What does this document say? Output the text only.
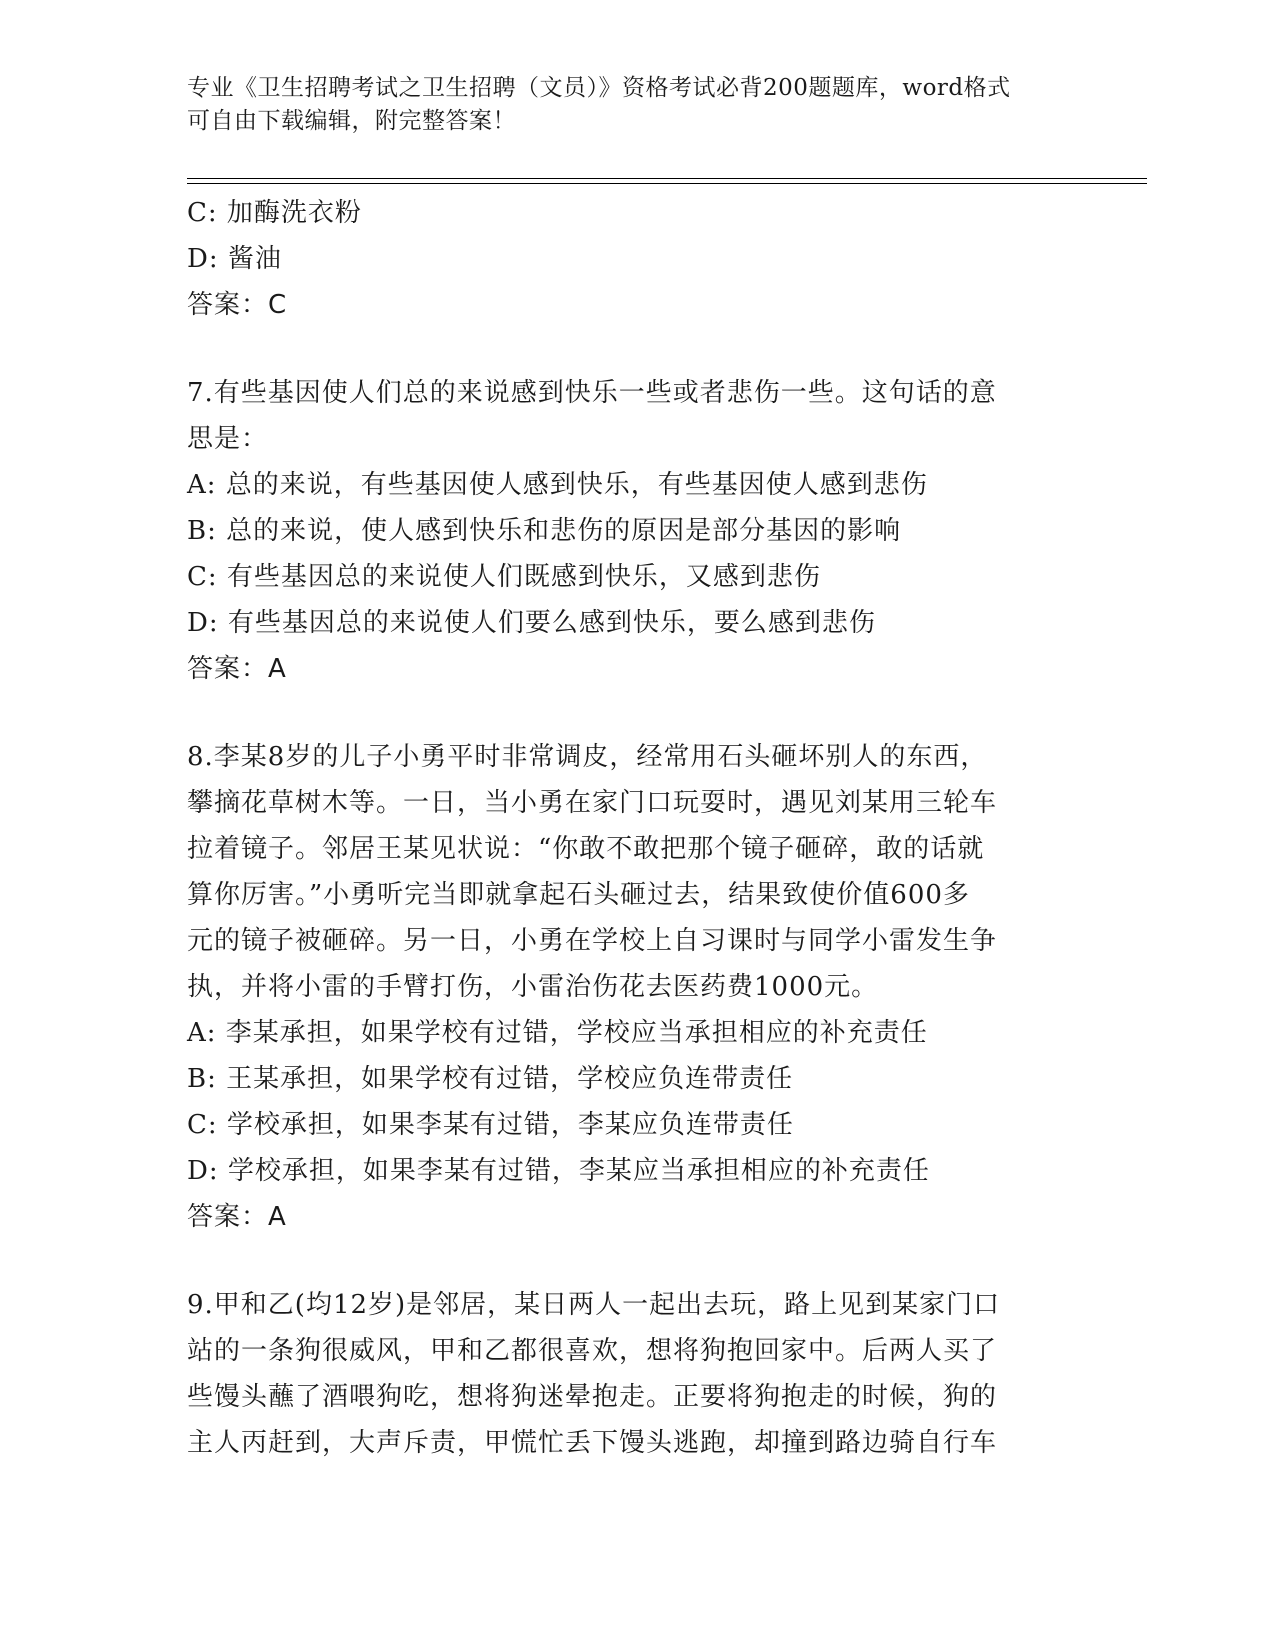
专业《卫生招聘考试之卫生招聘（文员）》资格考试必背200题题库，word格式

可自由下载编辑，附完整答案！

C: 加酶洗衣粉
D: 酱油
答案：C
7.有些基因使人们总的来说感到快乐一些或者悲伤一些。这句话的意
思是：
A: 总的来说，有些基因使人感到快乐，有些基因使人感到悲伤
B: 总的来说，使人感到快乐和悲伤的原因是部分基因的影响
C: 有些基因总的来说使人们既感到快乐，又感到悲伤
D: 有些基因总的来说使人们要么感到快乐，要么感到悲伤
答案：A
8.李某8岁的儿子小勇平时非常调皮，经常用石头砸坏别人的东西，
攀摘花草树木等。一日，当小勇在家门口玩耍时，遇见刘某用三轮车
拉着镜子。邻居王某见状说：“你敢不敢把那个镜子砸碎，敢的话就
算你厉害。”小勇听完当即就拿起石头砸过去，结果致使价值600多
元的镜子被砸碎。另一日，小勇在学校上自习课时与同学小雷发生争
执，并将小雷的手臂打伤，小雷治伤花去医药费1000元。
A: 李某承担，如果学校有过错，学校应当承担相应的补充责任
B: 王某承担，如果学校有过错，学校应负连带责任
C: 学校承担，如果李某有过错，李某应负连带责任
D: 学校承担，如果李某有过错，李某应当承担相应的补充责任
答案：A
9.甲和乙(均12岁)是邻居，某日两人一起出去玩，路上见到某家门口
站的一条狗很威风，甲和乙都很喜欢，想将狗抱回家中。后两人买了
些馒头蘸了酒喂狗吃，想将狗迷晕抱走。正要将狗抱走的时候，狗的
主人丙赶到，大声斥责，甲慌忙丢下馒头逃跑，却撞到路边骑自行车
